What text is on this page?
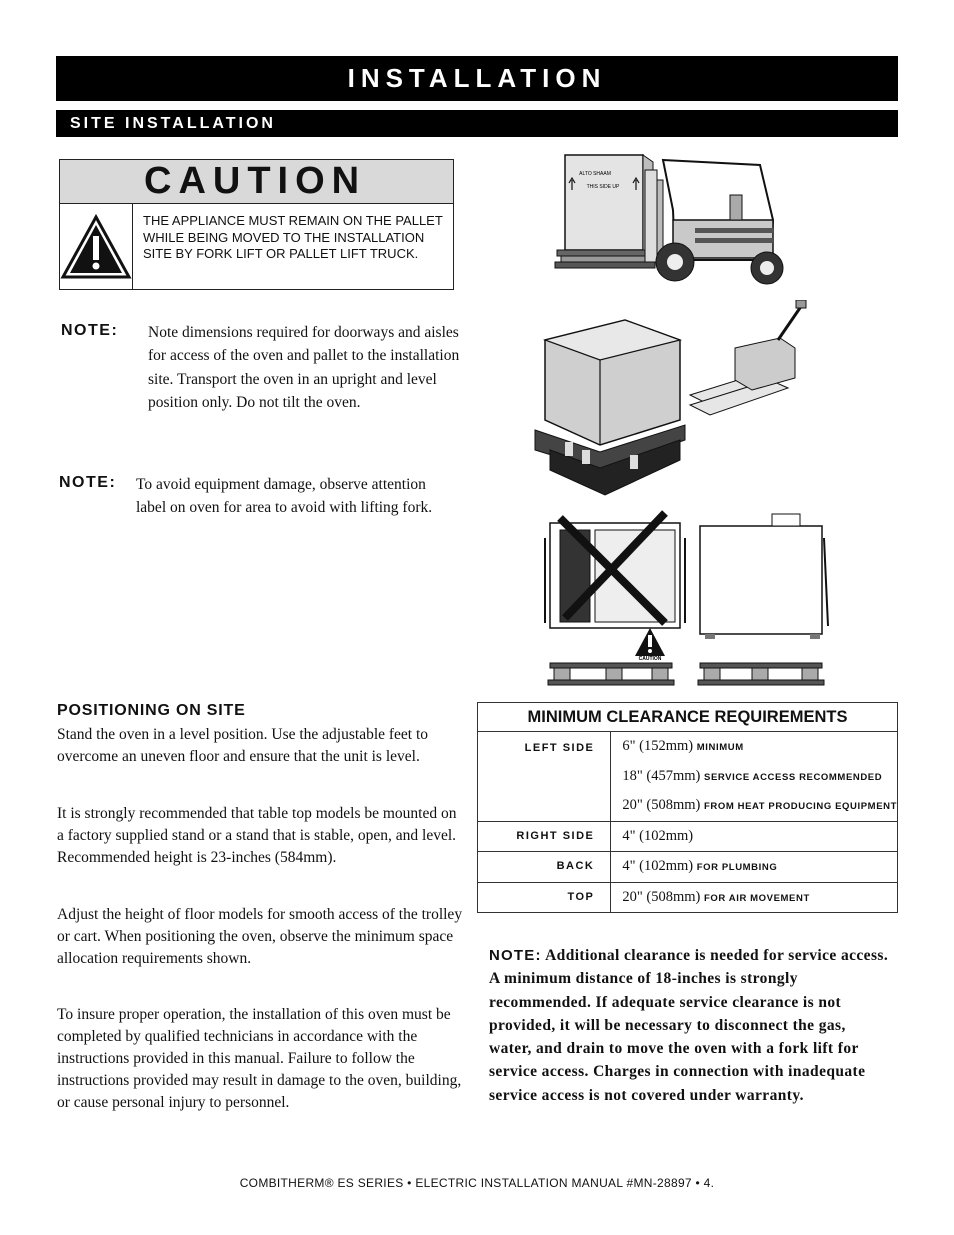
INSTALLATION
SITE INSTALLATION
CAUTION
THE APPLIANCE MUST REMAIN ON THE PALLET WHILE BEING MOVED TO THE INSTALLATION SITE BY FORK LIFT OR PALLET LIFT TRUCK.
NOTE: Note dimensions required for doorways and aisles for access of the oven and pallet to the installation site. Transport the oven in an upright and level position only. Do not tilt the oven.
NOTE: To avoid equipment damage, observe attention label on oven for area to avoid with lifting fork.
ALTO SHAAM
THIS SIDE UP
CAUTION
POSITIONING ON SITE

Stand the oven in a level position. Use the adjustable feet to overcome an uneven floor and ensure that the unit is level.

It is strongly recommended that table top models be mounted on a factory supplied stand or a stand that is stable, open, and level. Recommended height is 23-inches (584mm).

Adjust the height of floor models for smooth access of the trolley or cart. When positioning the oven, observe the minimum space allocation requirements shown.

To insure proper operation, the installation of this oven must be completed by qualified technicians in accordance with the instructions provided in this manual. Failure to follow the instructions provided may result in damage to the oven, building, or cause personal injury to personnel.

MINIMUM CLEARANCE REQUIREMENTS	
LEFT SIDE	6" (152mm) MINIMUM
18" (457mm) SERVICE ACCESS RECOMMENDED
20" (508mm) FROM HEAT PRODUCING EQUIPMENT

RIGHT SIDE	4" (102mm)

BACK	4" (102mm) FOR PLUMBING

TOP	20" (508mm) FOR AIR MOVEMENT
NOTE: Additional clearance is needed for service access. A minimum distance of 18-inches is strongly recommended. If adequate service clearance is not provided, it will be necessary to disconnect the gas, water, and drain to move the oven with a fork lift for service access. Charges in connection with inadequate service access is not covered under warranty.
COMBITHERM® ES SERIES • ELECTRIC INSTALLATION MANUAL #MN-28897 • 4.
